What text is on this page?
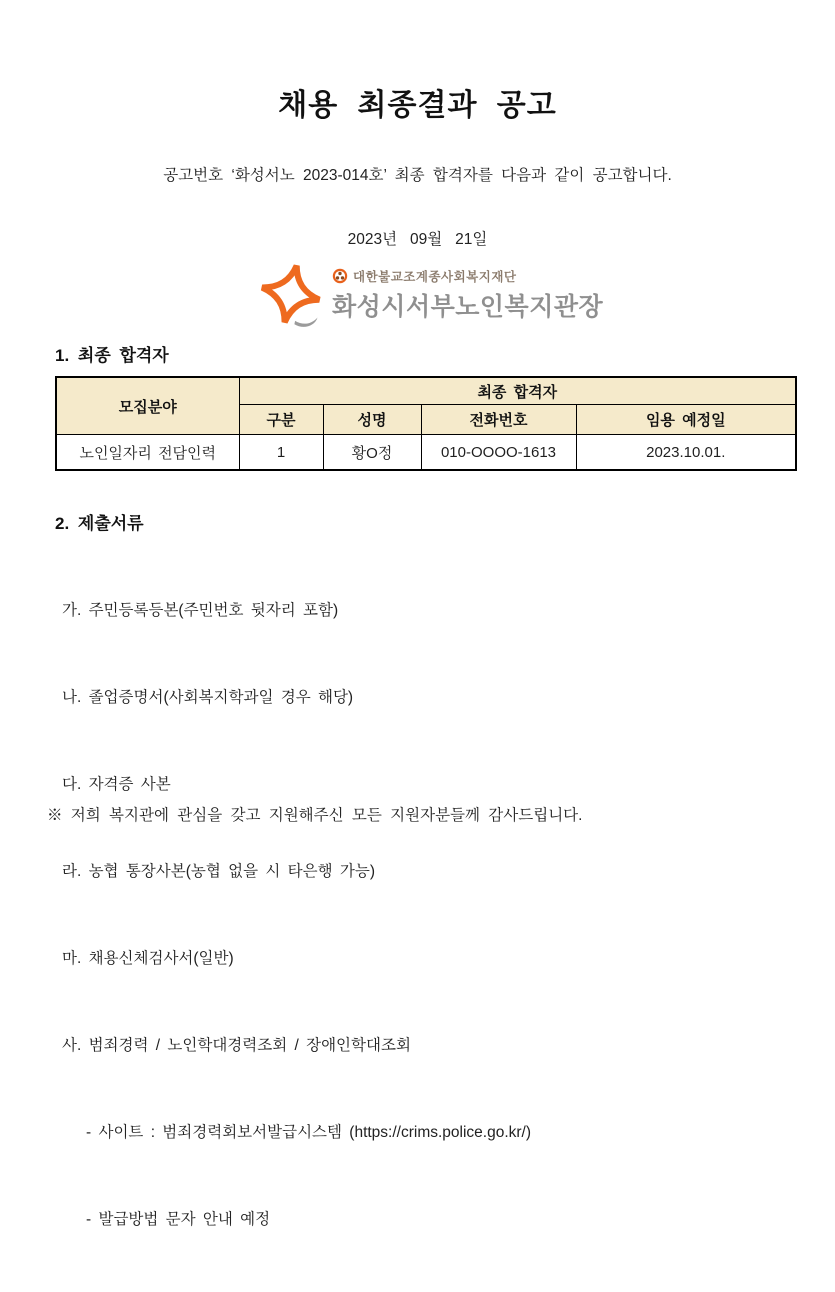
채용 최종결과 공고
공고번호 ‘화성서노 2023-014호’ 최종 합격자를 다음과 같이 공고합니다.
2023년   09월   21일
대한불교조계종사회복지재단
화성시서부노인복지관장
1. 최종 합격자
모집분야	최종 합격자			
	구분	성명	전화번호	임용 예정일
노인일자리 전담인력	1	황O정	010-OOOO-1613	2023.10.01.
2. 제출서류

가. 주민등록등본(주민번호 뒷자리 포함)

나. 졸업증명서(사회복지학과일 경우 해당)

다. 자격증 사본

라. 농협 통장사본(농협 없을 시 타은행 가능)

마. 채용신체검사서(일반)

사. 범죄경력 / 노인학대경력조회 / 장애인학대조회

- 사이트 : 범죄경력회보서발급시스템 (https://crims.police.go.kr/)

- 발급방법 문자 안내 예정

※ 저희 복지관에 관심을 갖고 지원해주신 모든 지원자분들께 감사드립니다.
